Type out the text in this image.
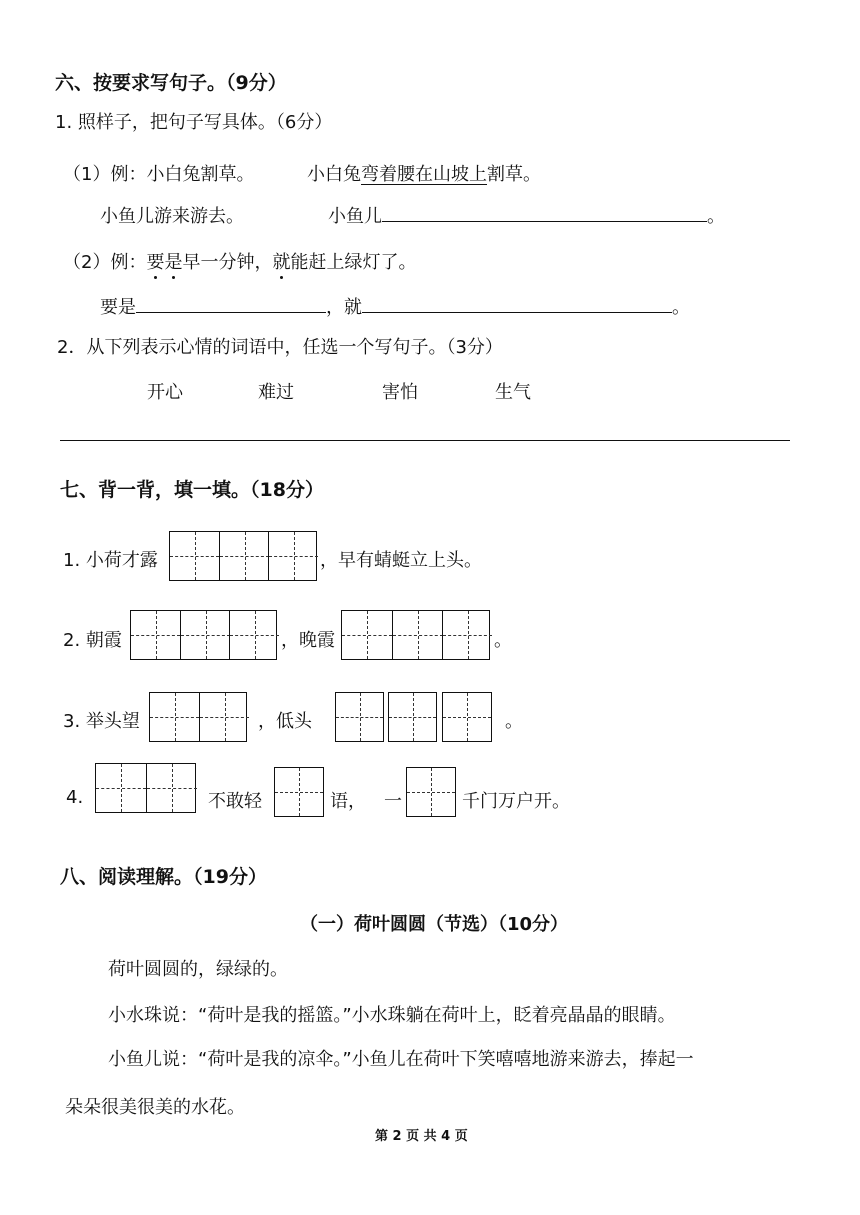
六、按要求写句子。（9分）
1. 照样子，把句子写具体。（6分）
（1）例：小白兔割草。	小白兔弯着腰在山坡上割草。
小鱼儿游来游去。	小鱼儿	。
（2）例：要是早一分钟，就能赶上绿灯了。
要是	，就	。
2．从下列表示心情的词语中，任选一个写句子。（3分）
开心	难过	害怕	生气
七、背一背，填一填。（18分）
1. 小荷才露	，早有蜻蜓立上头。
2. 朝霞	，晚霞	。
3. 举头望	，低头	。
4.	不敢轻	语， 一	千门万户开。
八、阅读理解。（19分）
（一）荷叶圆圆（节选）（10分）
荷叶圆圆的，绿绿的。
小水珠说：“荷叶是我的摇篮。”小水珠躺在荷叶上，眨着亮晶晶的眼睛。
小鱼儿说：“荷叶是我的凉伞。”小鱼儿在荷叶下笑嘻嘻地游来游去，捧起一
朵朵很美很美的水花。
第 2 页 共 4 页
